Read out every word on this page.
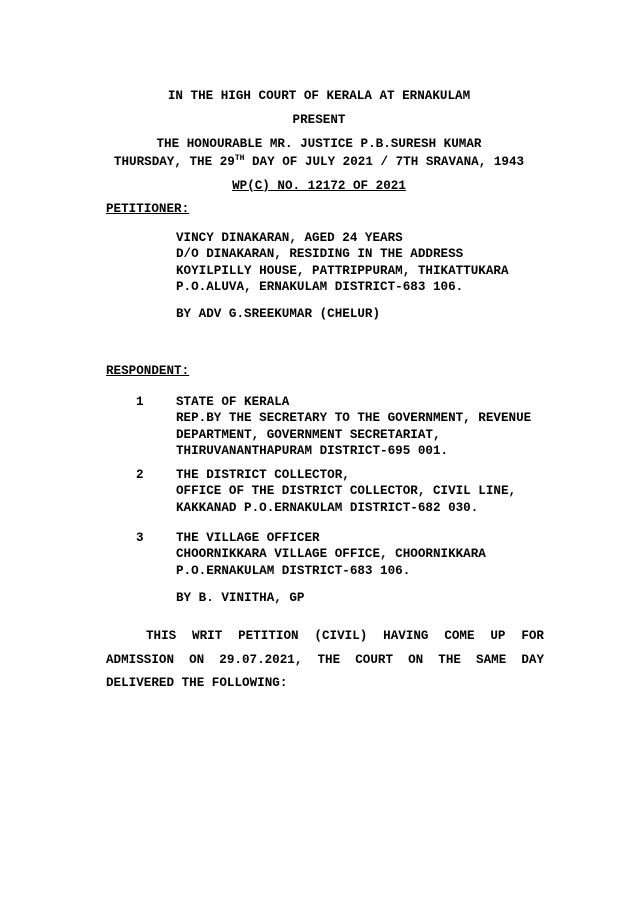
IN THE HIGH COURT OF KERALA AT ERNAKULAM
PRESENT
THE HONOURABLE MR. JUSTICE P.B.SURESH KUMAR
THURSDAY, THE 29TH DAY OF JULY 2021 / 7TH SRAVANA, 1943
WP(C) NO. 12172 OF 2021
PETITIONER:
VINCY DINAKARAN, AGED 24 YEARS
D/O DINAKARAN, RESIDING IN THE ADDRESS
KOYILPILLY HOUSE, PATTRIPPURAM, THIKATTUKARA
P.O.ALUVA, ERNAKULAM DISTRICT-683 106.
BY ADV G.SREEKUMAR (CHELUR)
RESPONDENT:
1	STATE OF KERALA
REP.BY THE SECRETARY TO THE GOVERNMENT, REVENUE
DEPARTMENT, GOVERNMENT SECRETARIAT,
THIRUVANANTHAPURAM DISTRICT-695 001.
2	THE DISTRICT COLLECTOR,
OFFICE OF THE DISTRICT COLLECTOR, CIVIL LINE,
KAKKANAD P.O.ERNAKULAM DISTRICT-682 030.
3	THE VILLAGE OFFICER
CHOORNIKKARA VILLAGE OFFICE, CHOORNIKKARA
P.O.ERNAKULAM DISTRICT-683 106.
BY B. VINITHA, GP
THIS WRIT PETITION (CIVIL) HAVING COME UP FOR
ADMISSION ON 29.07.2021, THE COURT ON THE SAME DAY
DELIVERED THE FOLLOWING:
